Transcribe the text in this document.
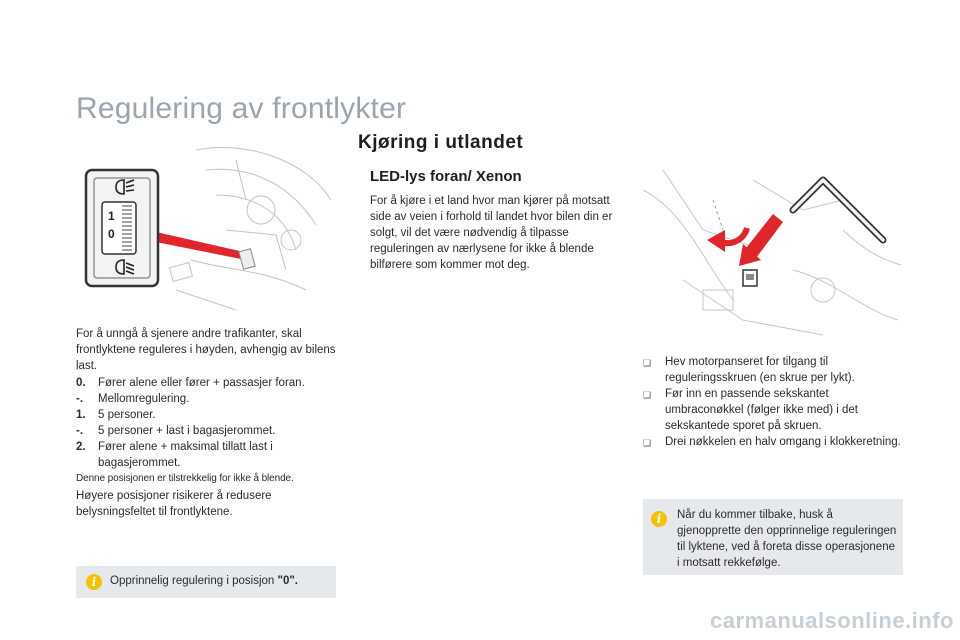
Regulering av frontlykter
1
0
Kjøring i utlandet
LED-lys foran/ Xenon
For å kjøre i et land hvor man kjører på motsatt side av veien i forhold til landet hvor bilen din er solgt, vil det være nødvendig å tilpasse reguleringen av nærlysene for ikke å blende bilførere som kommer mot deg.
For å unngå å sjenere andre trafikanter, skal frontlyktene reguleres i høyden, avhengig av bilens last.
0.	Fører alene eller fører + passasjer foran.
-.	Mellomregulering.
1.	5 personer.
-.	5 personer + last i bagasjerommet.
2.	Fører alene + maksimal tillatt last i bagasjerommet.
Denne posisjonen er tilstrekkelig for ikke å blende.
Høyere posisjoner risikerer å redusere belysningsfeltet til frontlyktene.
i	Opprinnelig regulering i posisjon "0".
❑	Hev motorpanseret for tilgang til reguleringsskruen (en skrue per lykt).
❑	Før inn en passende sekskantet umbraconøkkel (følger ikke med) i det sekskantede sporet på skruen.
❑	Drei nøkkelen en halv omgang i klokkeretning.
i	Når du kommer tilbake, husk å gjenopprette den opprinnelige reguleringen til lyktene, ved å foreta disse operasjonene i motsatt rekkefølge.
carmanualsonline.info
